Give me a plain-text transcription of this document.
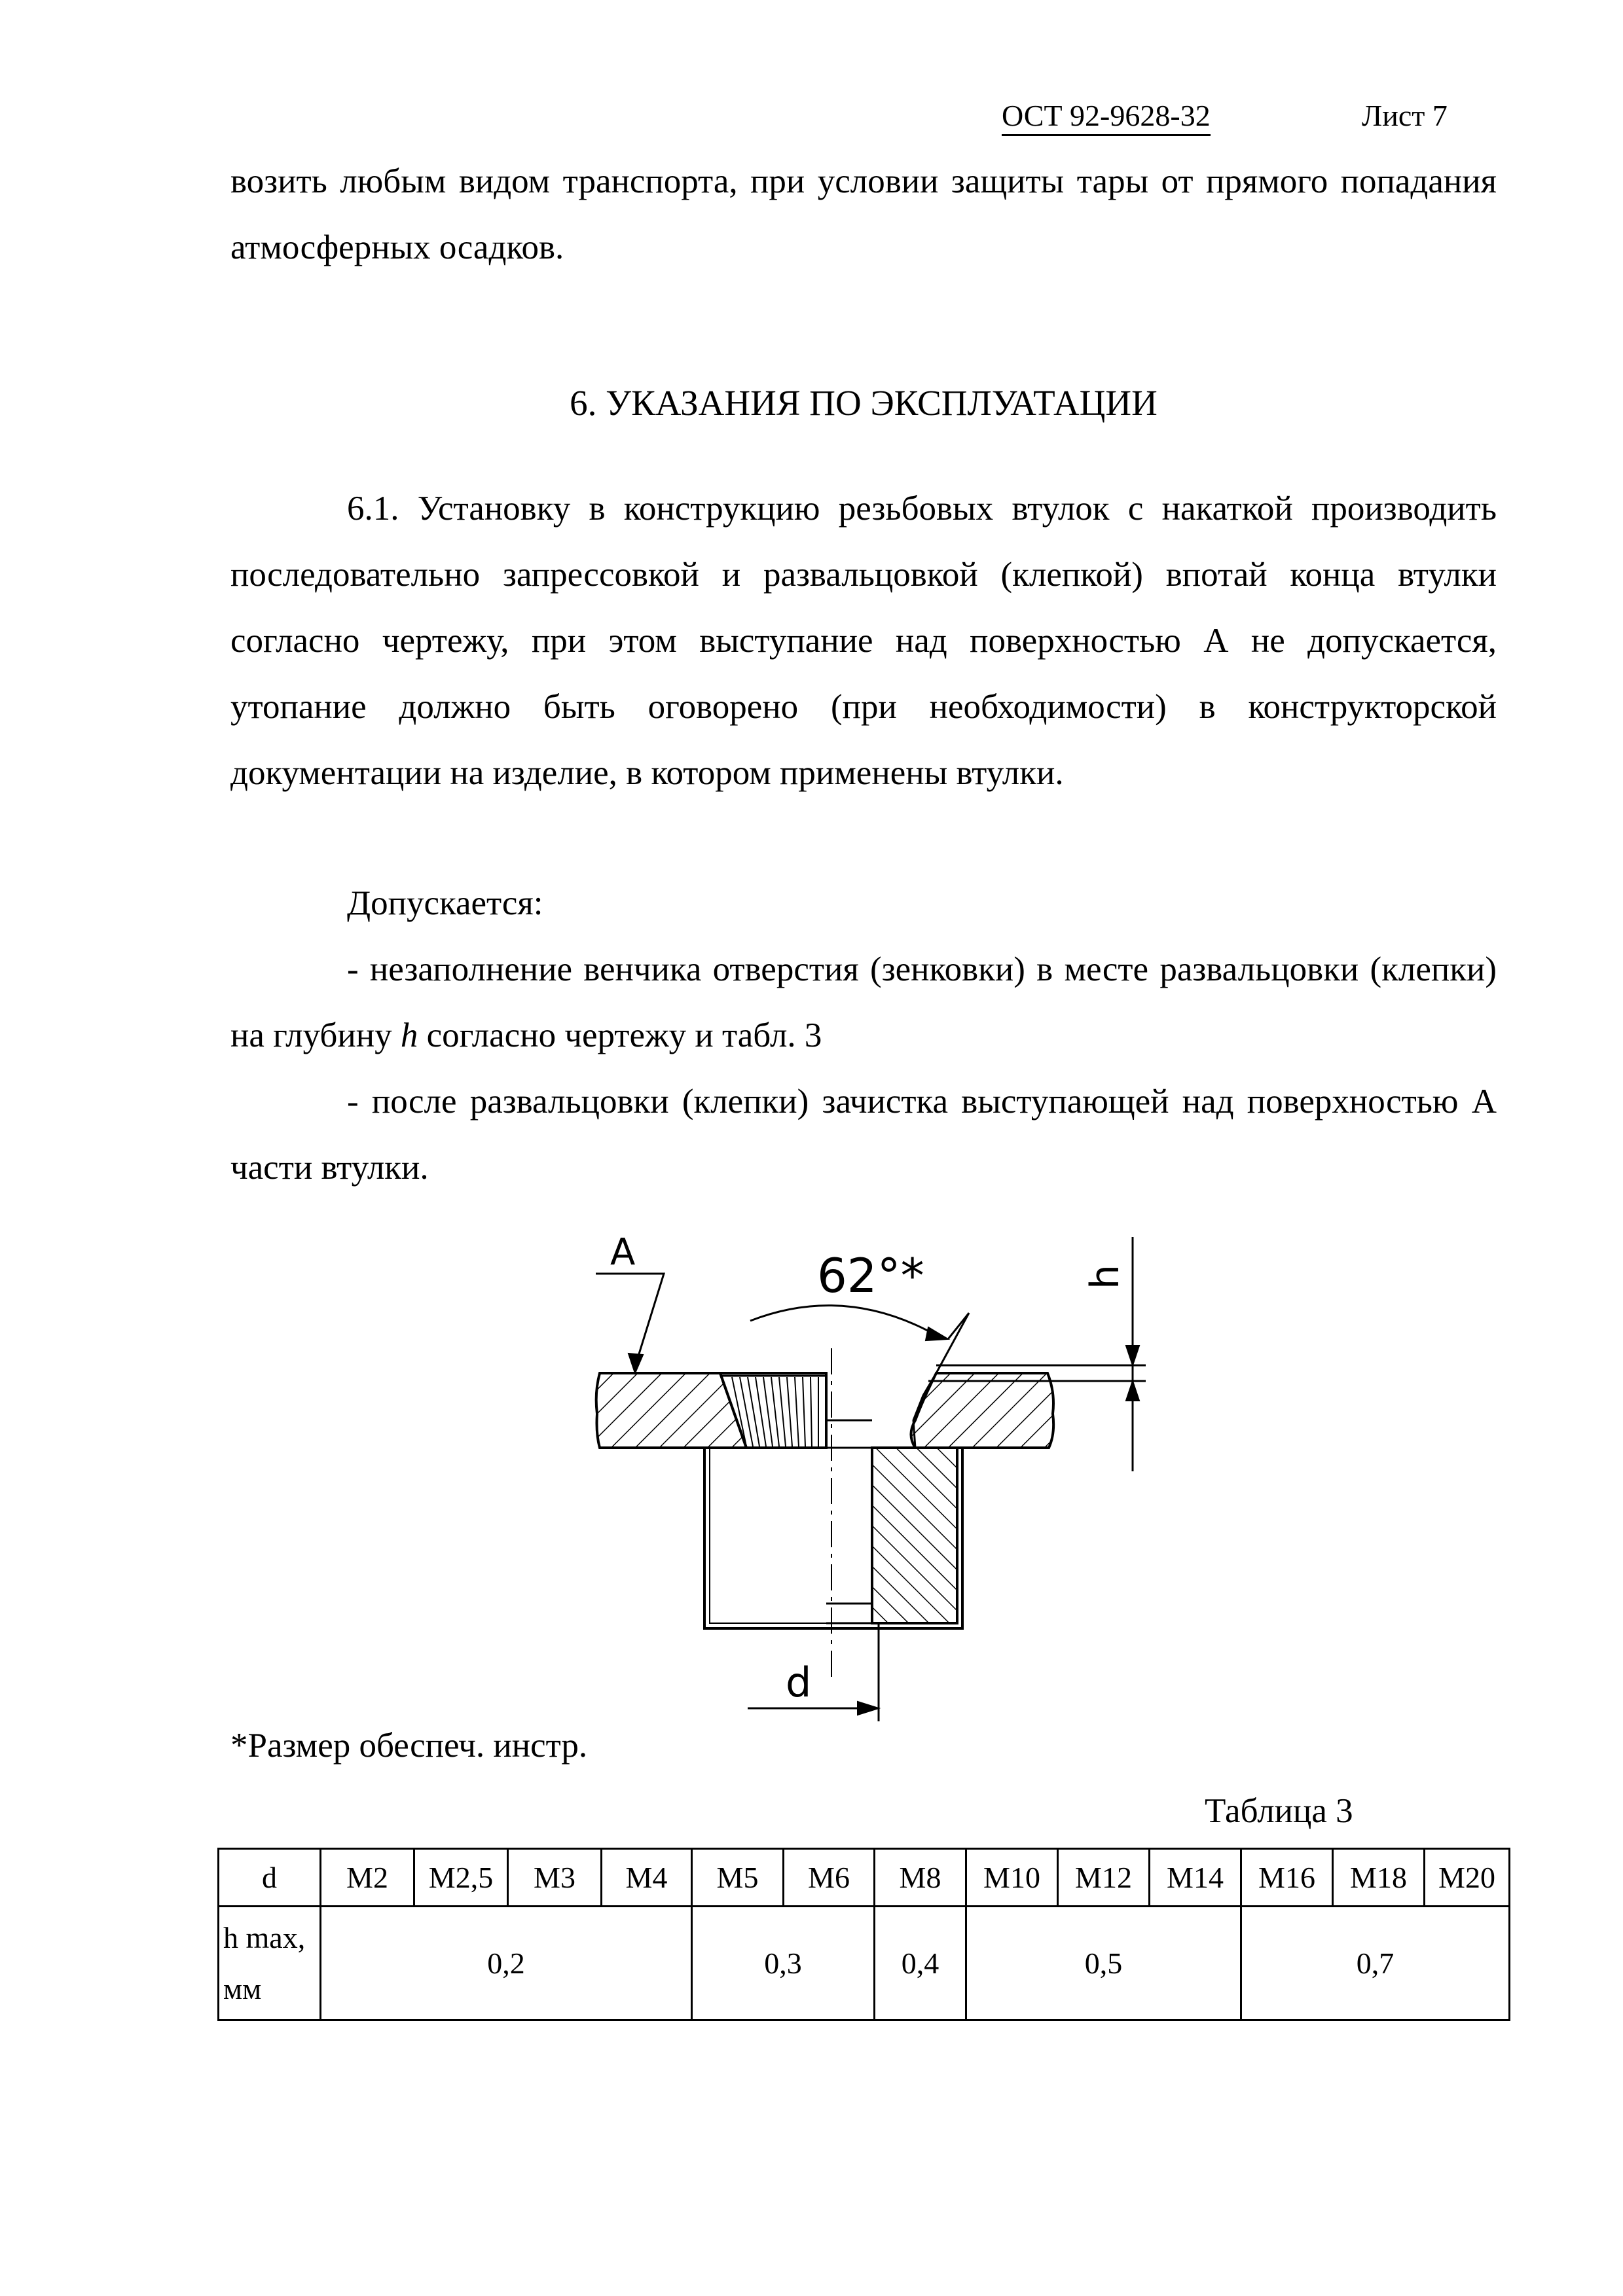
ОСТ 92-9628-32	Лист 7
возить любым видом транспорта, при условии защиты тары от прямого попадания атмосферных осадков.
6. УКАЗАНИЯ ПО ЭКСПЛУАТАЦИИ
6.1. Установку в конструкцию резьбовых втулок с накаткой производить последовательно запрессовкой и развальцовкой (клепкой) впотай конца втулки согласно чертежу, при этом выступание над поверхностью А не допускается, утопание должно быть оговорено (при необходимости) в конструкторской документации на изделие, в котором применены втулки.
Допускается:
- незаполнение венчика отверстия (зенковки) в месте развальцовки (клепки) на глубину h согласно чертежу и табл. 3
- после развальцовки (клепки) зачистка выступающей над поверхностью А части втулки.
A	62°*	h
d
*Размер обеспеч. инстр.
Таблица 3
d	M2	M2,5	M3	M4	M5	M6	M8	M10	M12	M14	M16	M18	M20
h max,
мм	0,2				0,3		0,4	0,5			0,7		
